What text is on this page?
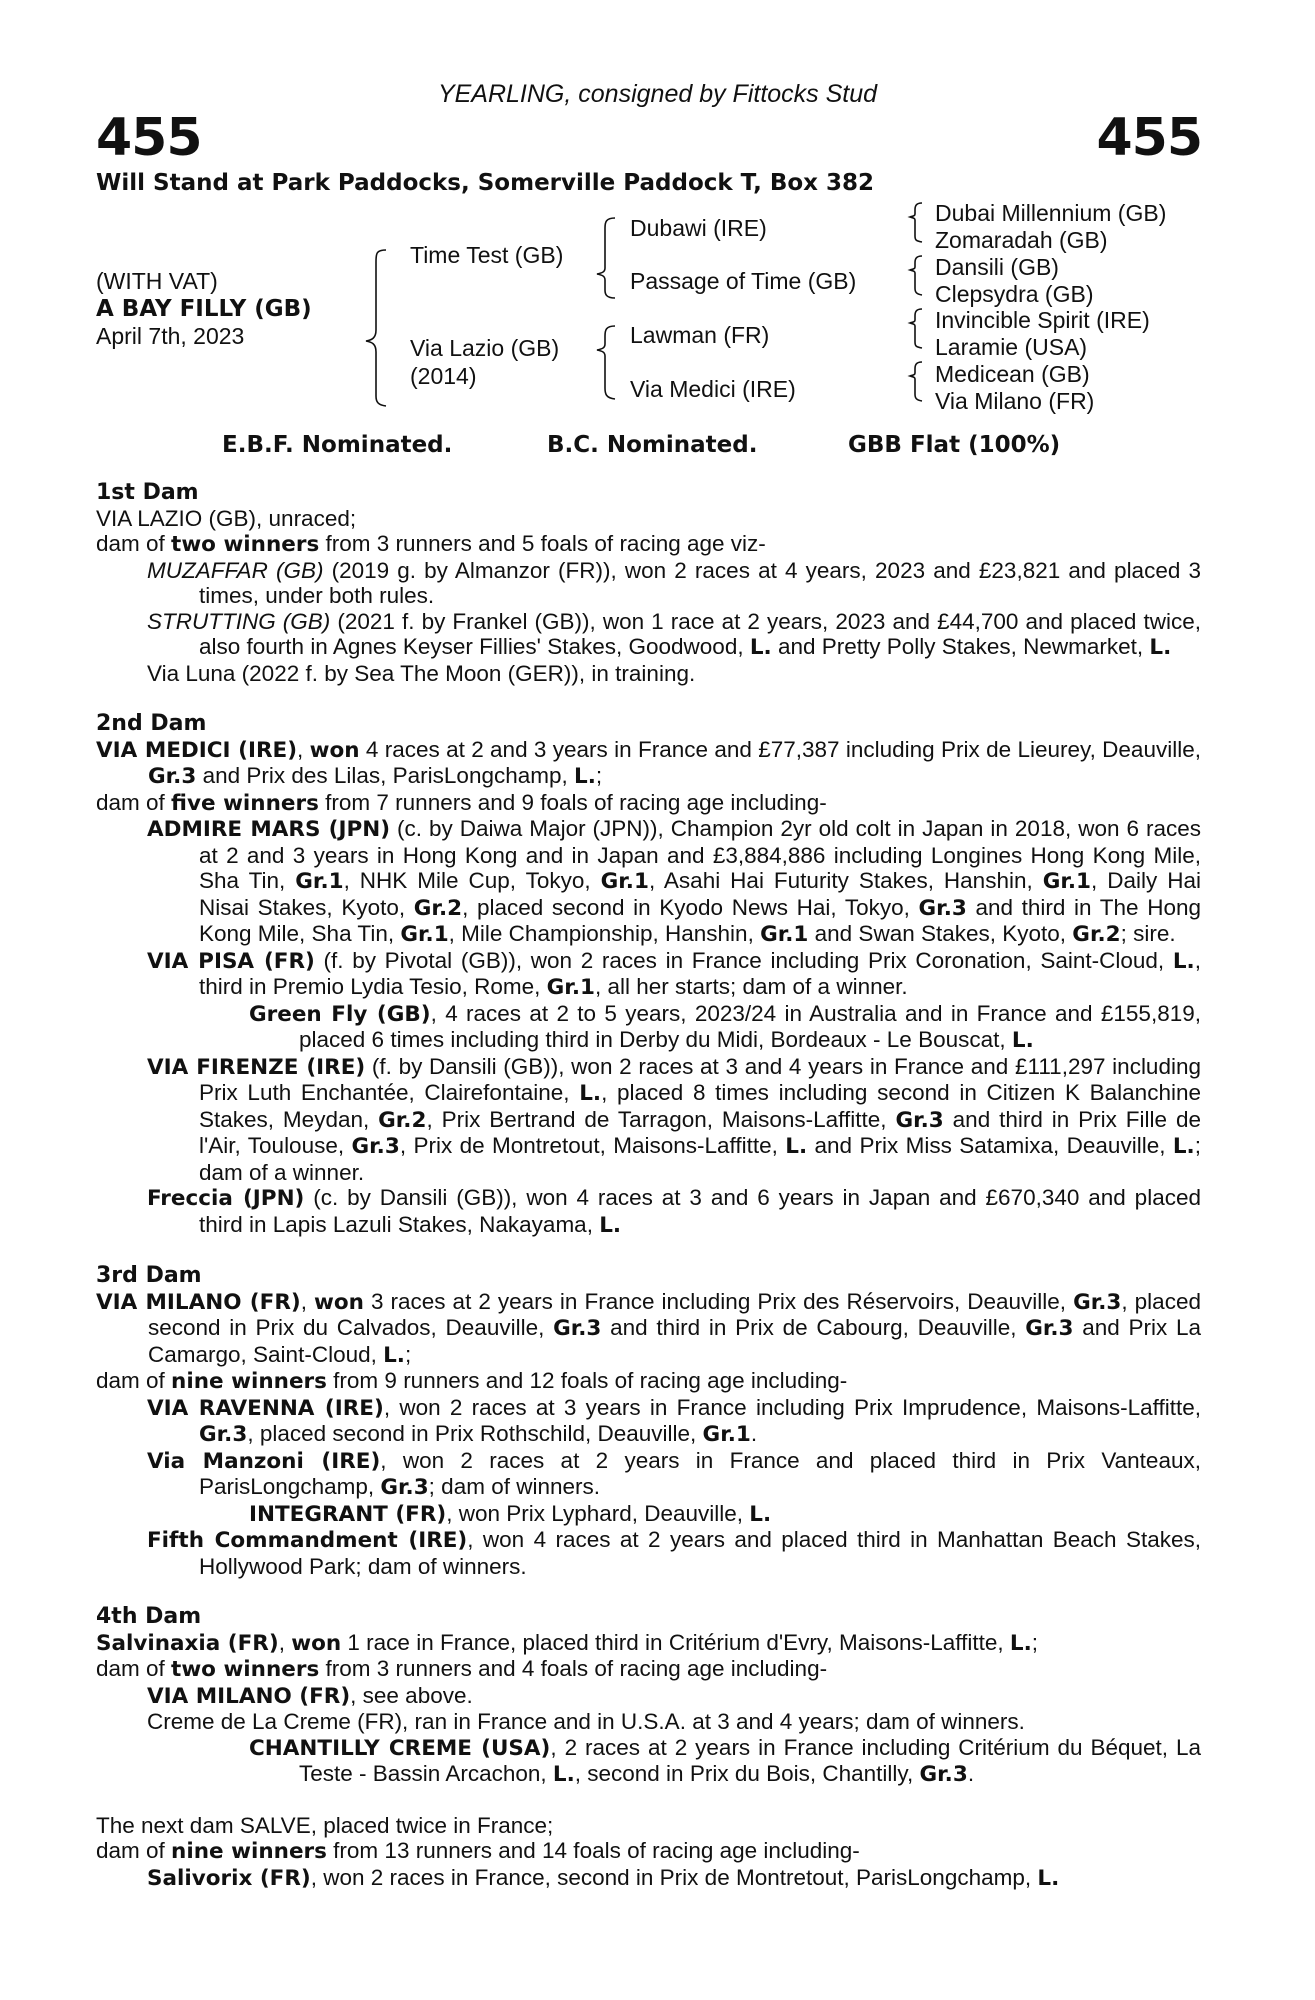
YEARLING, consigned by Fittocks Stud
455	455
Will Stand at Park Paddocks, Somerville Paddock T, Box 382
(WITH VAT)
A BAY FILLY (GB)
April 7th, 2023
Time Test (GB)
Via Lazio (GB)
(2014)
Dubawi (IRE)
Passage of Time (GB)
Lawman (FR)
Via Medici (IRE)
Dubai Millennium (GB)
Zomaradah (GB)
Dansili (GB)
Clepsydra (GB)
Invincible Spirit (IRE)
Laramie (USA)
Medicean (GB)
Via Milano (FR)
E.B.F. Nominated.	B.C. Nominated.	GBB Flat (100%)
1st Dam
VIA LAZIO (GB), unraced;
dam of two winners from 3 runners and 5 foals of racing age viz-
MUZAFFAR (GB) (2019 g. by Almanzor (FR)), won 2 races at 4 years, 2023 and £23,821 and placed 3 times, under both rules.
STRUTTING (GB) (2021 f. by Frankel (GB)), won 1 race at 2 years, 2023 and £44,700 and placed twice, also fourth in Agnes Keyser Fillies' Stakes, Goodwood, L. and Pretty Polly Stakes, Newmarket, L.
Via Luna (2022 f. by Sea The Moon (GER)), in training.
2nd Dam
VIA MEDICI (IRE), won 4 races at 2 and 3 years in France and £77,387 including Prix de Lieurey, Deauville, Gr.3 and Prix des Lilas, ParisLongchamp, L.;
dam of five winners from 7 runners and 9 foals of racing age including-
ADMIRE MARS (JPN) (c. by Daiwa Major (JPN)), Champion 2yr old colt in Japan in 2018, won 6 races at 2 and 3 years in Hong Kong and in Japan and £3,884,886 including Longines Hong Kong Mile, Sha Tin, Gr.1, NHK Mile Cup, Tokyo, Gr.1, Asahi Hai Futurity Stakes, Hanshin, Gr.1, Daily Hai Nisai Stakes, Kyoto, Gr.2, placed second in Kyodo News Hai, Tokyo, Gr.3 and third in The Hong Kong Mile, Sha Tin, Gr.1, Mile Championship, Hanshin, Gr.1 and Swan Stakes, Kyoto, Gr.2; sire.
VIA PISA (FR) (f. by Pivotal (GB)), won 2 races in France including Prix Coronation, Saint-Cloud, L., third in Premio Lydia Tesio, Rome, Gr.1, all her starts; dam of a winner.
Green Fly (GB), 4 races at 2 to 5 years, 2023/24 in Australia and in France and £155,819, placed 6 times including third in Derby du Midi, Bordeaux - Le Bouscat, L.
VIA FIRENZE (IRE) (f. by Dansili (GB)), won 2 races at 3 and 4 years in France and £111,297 including Prix Luth Enchantée, Clairefontaine, L., placed 8 times including second in Citizen K Balanchine Stakes, Meydan, Gr.2, Prix Bertrand de Tarragon, Maisons-Laffitte, Gr.3 and third in Prix Fille de l'Air, Toulouse, Gr.3, Prix de Montretout, Maisons-Laffitte, L. and Prix Miss Satamixa, Deauville, L.; dam of a winner.
Freccia (JPN) (c. by Dansili (GB)), won 4 races at 3 and 6 years in Japan and £670,340 and placed third in Lapis Lazuli Stakes, Nakayama, L.
3rd Dam
VIA MILANO (FR), won 3 races at 2 years in France including Prix des Réservoirs, Deauville, Gr.3, placed second in Prix du Calvados, Deauville, Gr.3 and third in Prix de Cabourg, Deauville, Gr.3 and Prix La Camargo, Saint-Cloud, L.;
dam of nine winners from 9 runners and 12 foals of racing age including-
VIA RAVENNA (IRE), won 2 races at 3 years in France including Prix Imprudence, Maisons-Laffitte, Gr.3, placed second in Prix Rothschild, Deauville, Gr.1.
Via Manzoni (IRE), won 2 races at 2 years in France and placed third in Prix Vanteaux, ParisLongchamp, Gr.3; dam of winners.
INTEGRANT (FR), won Prix Lyphard, Deauville, L.
Fifth Commandment (IRE), won 4 races at 2 years and placed third in Manhattan Beach Stakes, Hollywood Park; dam of winners.
4th Dam
Salvinaxia (FR), won 1 race in France, placed third in Critérium d'Evry, Maisons-Laffitte, L.;
dam of two winners from 3 runners and 4 foals of racing age including-
VIA MILANO (FR), see above.
Creme de La Creme (FR), ran in France and in U.S.A. at 3 and 4 years; dam of winners.
CHANTILLY CREME (USA), 2 races at 2 years in France including Critérium du Béquet, La Teste - Bassin Arcachon, L., second in Prix du Bois, Chantilly, Gr.3.
The next dam SALVE, placed twice in France;
dam of nine winners from 13 runners and 14 foals of racing age including-
Salivorix (FR), won 2 races in France, second in Prix de Montretout, ParisLongchamp, L.
